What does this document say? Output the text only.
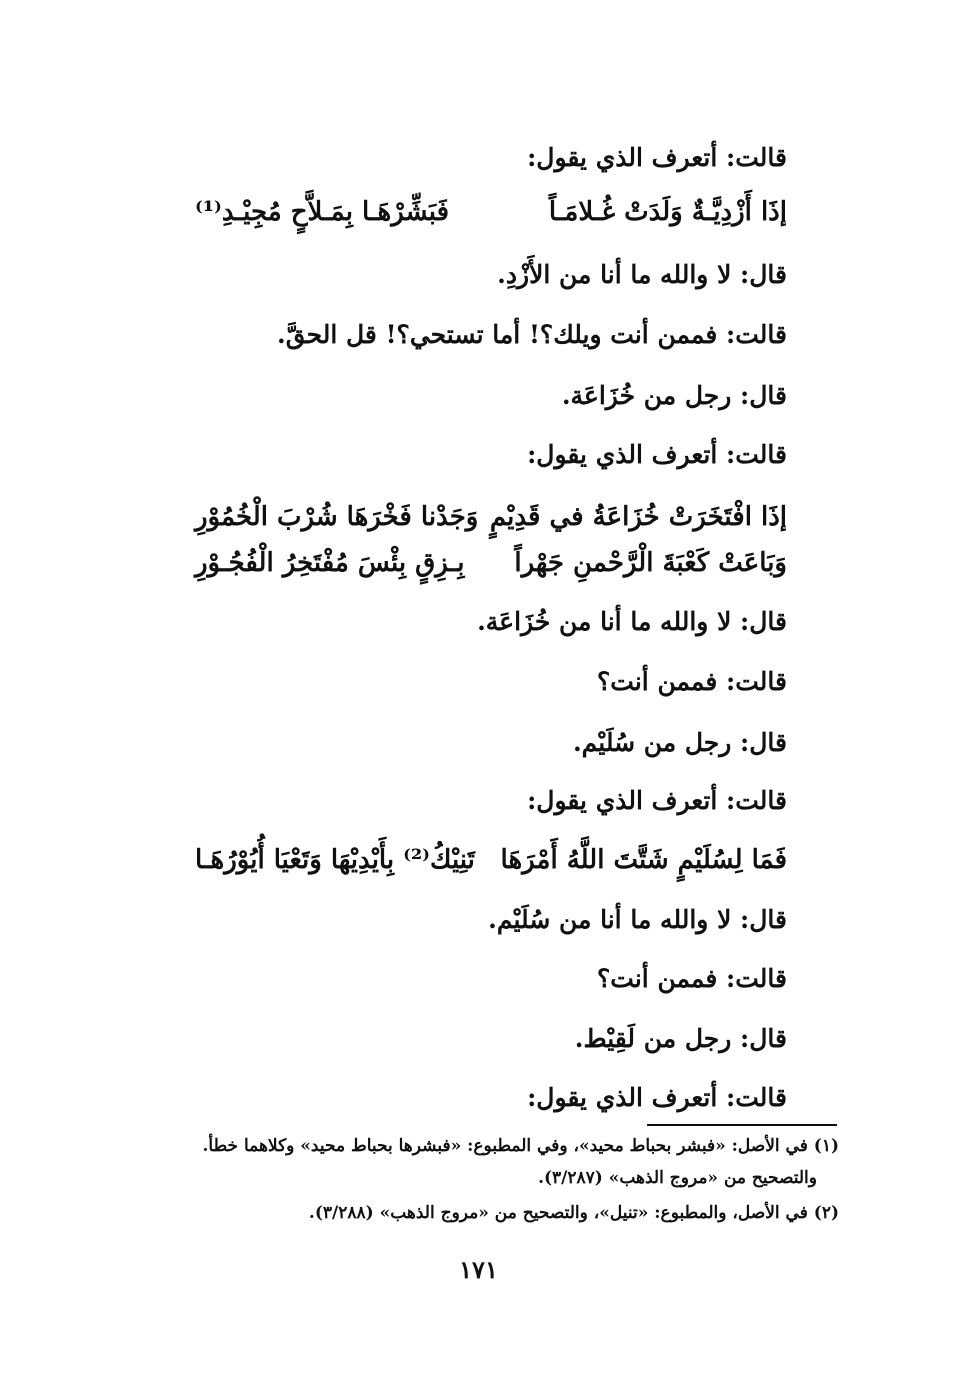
قالت: أتعرف الذي يقول:
إذَا أَزْدِيَّـةٌ وَلَدَتْ غُـلامَـاً
فَبَشِّرْهَـا بِمَـلاَّحٍ مُجِيْـدِ⁽¹⁾
قال: لا والله ما أنا من الأَزْدِ.
قالت: فممن أنت ويلك؟! أما تستحي؟! قل الحقَّ.
قال: رجل من خُزَاعَة.
قالت: أتعرف الذي يقول:
إذَا افْتَخَرَتْ خُزَاعَةُ في قَدِيْمٍ
وَجَدْنا فَخْرَهَا شُرْبَ الْخُمُوْرِ
وَبَاعَتْ كَعْبَةَ الْرَّحْمنِ جَهْراً
بِـزِقٍ بِئْسَ مُفْتَخِرُ الْفُجُـوْرِ
قال: لا والله ما أنا من خُزَاعَة.
قالت: فممن أنت؟
قال: رجل من سُلَيْم.
قالت: أتعرف الذي يقول:
فَمَا لِسُلَيْمٍ شَتَّتَ اللَّهُ أَمْرَهَا
تَنِيْكُ⁽²⁾ بِأَيْدِيْهَا وَتَعْيَا أُيُوْرُهَـا
قال: لا والله ما أنا من سُلَيْم.
قالت: فممن أنت؟
قال: رجل من لَقِيْط.
قالت: أتعرف الذي يقول:
(١) في الأصل: «فبشر بحباط محيد»، وفي المطبوع: «فبشرها بحباط محيد» وكلاهما خطأ.
والتصحيح من «مروج الذهب» (٣/٢٨٧).
(٢) في الأصل، والمطبوع: «تنيل»، والتصحيح من «مروج الذهب» (٣/٢٨٨).
١٧١
